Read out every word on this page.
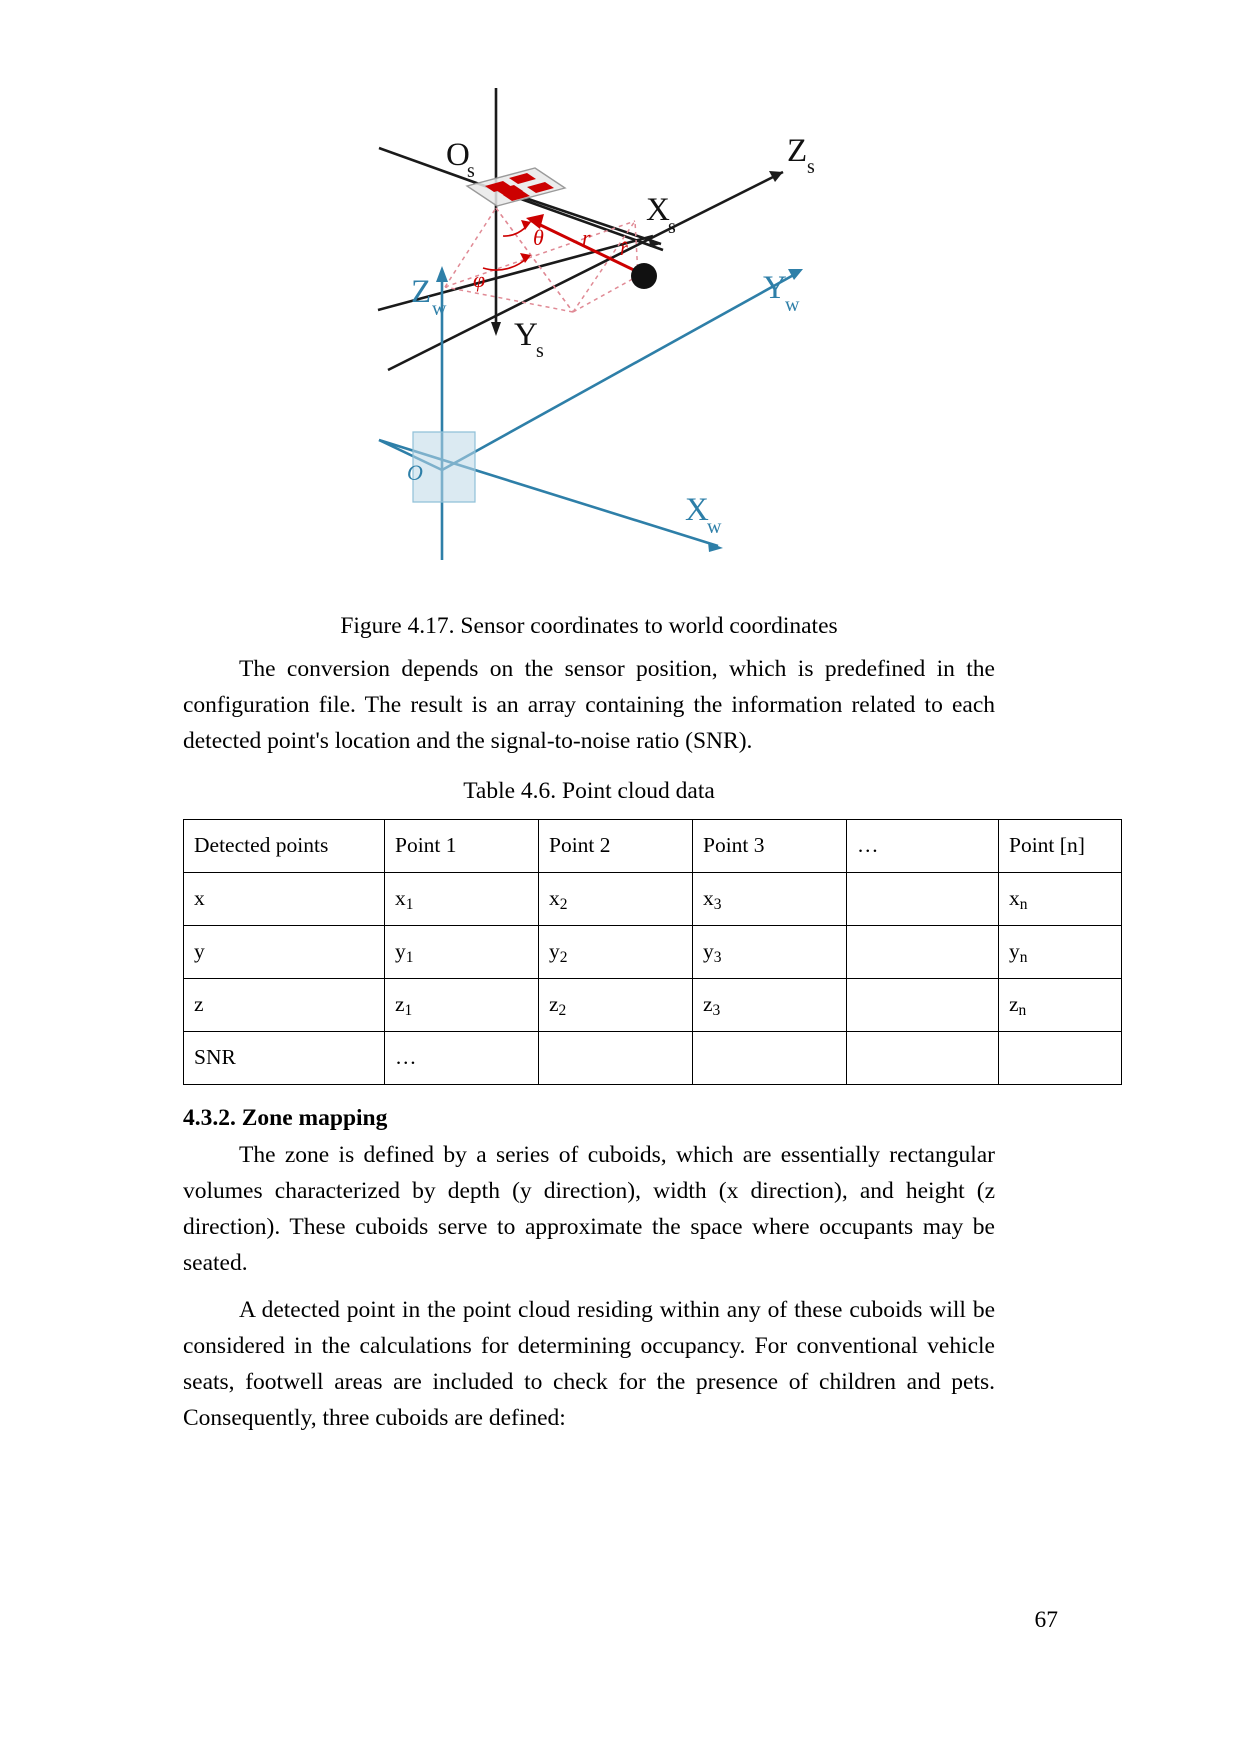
O
s
Z s
X
s
Y
s
θ
φ
r r̂
Z w
Y
w
X
w
O
Figure 4.17. Sensor coordinates to world coordinates

The conversion depends on the sensor position, which is predefined in the configuration file. The result is an array containing the information related to each detected point's location and the signal-to-noise ratio (SNR).

Table 4.6. Point cloud data
Detected points	Point 1	Point 2	Point 3	…	Point [n]
x	$x_1$	$x_2$	$x_3$		$x_n$
y	$y_1$	$y_2$	$y_3$		$y_n$
z	$z_1$	$z_2$	$z_3$		$z_n$
SNR	…				
4.3.2. Zone mapping

The zone is defined by a series of cuboids, which are essentially rectangular volumes characterized by depth (y direction), width (x direction), and height (z direction). These cuboids serve to approximate the space where occupants may be seated.

A detected point in the point cloud residing within any of these cuboids will be considered in the calculations for determining occupancy. For conventional vehicle seats, footwell areas are included to check for the presence of children and pets. Consequently, three cuboids are defined:

67
